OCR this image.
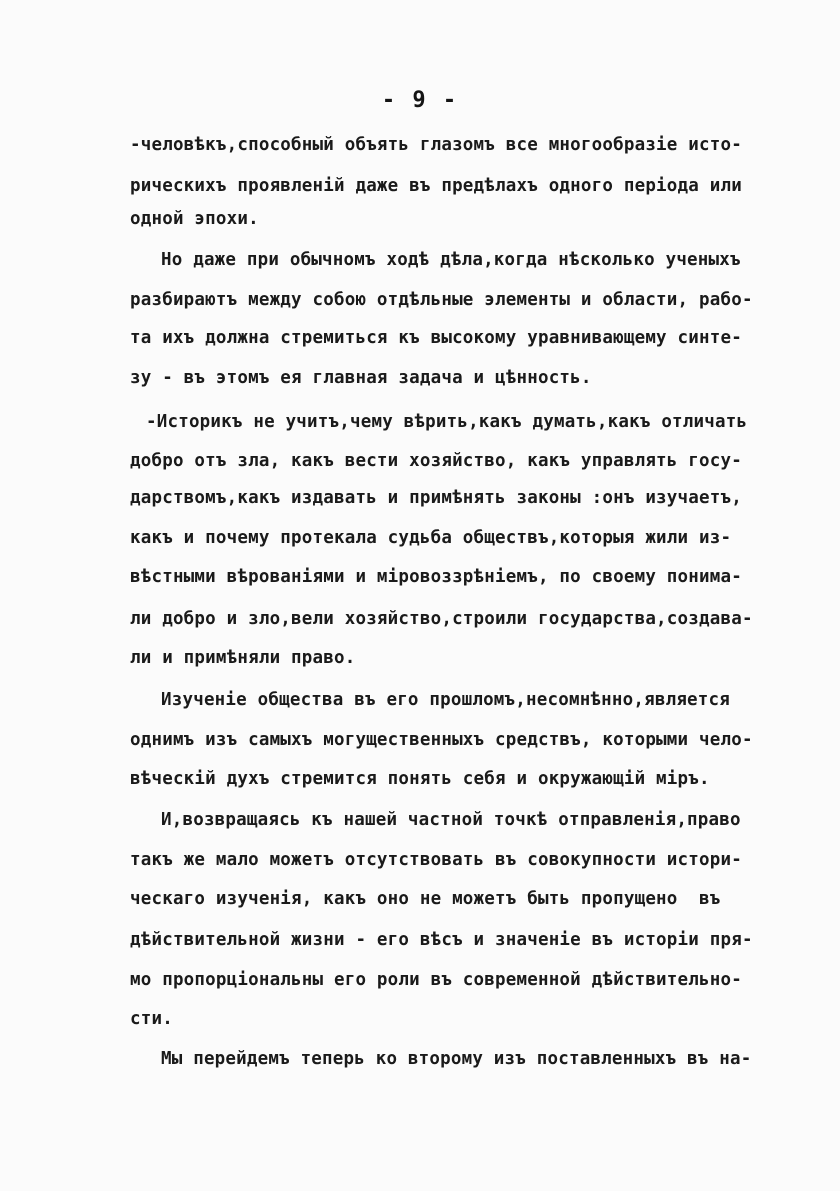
- 9 -
-человѣкъ,способный объять глазомъ все многообразіе исто-
рическихъ проявленій даже въ предѣлахъ одного періода или
одной эпохи.
Но даже при обычномъ ходѣ дѣла,когда нѣсколько ученыхъ
разбираютъ между собою отдѣльные элементы и области, рабо-
та ихъ должна стремиться къ высокому уравнивающему синте-
зу - въ этомъ ея главная задача и цѣнность.
-Историкъ не учитъ,чему вѣрить,какъ думать,какъ отличать
добро отъ зла, какъ вести хозяйство, какъ управлять госу-
дарствомъ,какъ издавать и примѣнять законы :онъ изучаетъ,
какъ и почему протекала судьба обществъ,которыя жили из-
вѣстными вѣрованіями и міровоззрѣніемъ, по своему понима-
ли добро и зло,вели хозяйство,строили государства,создава-
ли и примѣняли право.
Изученіе общества въ его прошломъ,несомнѣнно,является
однимъ изъ самыхъ могущественныхъ средствъ, которыми чело-
вѣческій духъ стремится понять себя и окружающій міръ.
И,возвращаясь къ нашей частной точкѣ отправленія,право
такъ же мало можетъ отсутствовать въ совокупности истори-
ческаго изученія, какъ оно не можетъ быть пропущено  въ
дѣйствительной жизни - его вѣсъ и значеніе въ исторіи пря-
мо пропорціональны его роли въ современной дѣйствительно-
сти.
Мы перейдемъ теперь ко второму изъ поставленныхъ въ на-
